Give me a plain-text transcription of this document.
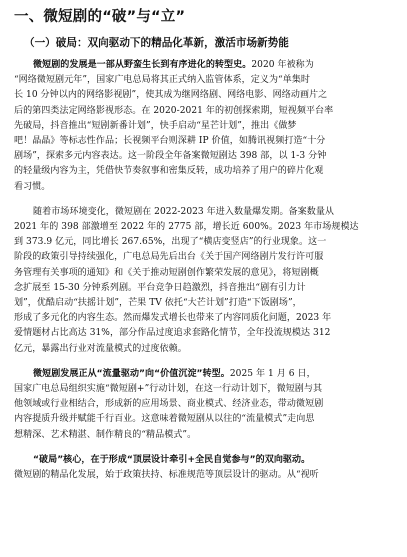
一、微短剧的“破”与“立”
（一）破局：双向驱动下的精品化革新，激活市场新势能
微短剧的发展是一部从野蛮生长到有序进化的转型史。2020 年被称为
“网络微短剧元年”，国家广电总局将其正式纳入监管体系，定义为“单集时
长 10 分钟以内的网络影视剧”，使其成为继网络剧、网络电影、网络动画片之
后的第四类法定网络影视形态。在 2020-2021 年的初创探索期，短视频平台率
先破局，抖音推出“短剧新番计划”，快手启动“星芒计划”，推出《做梦
吧！晶晶》等标志性作品；长视频平台则深耕 IP 价值，如腾讯视频打造“十分
剧场”，探索多元内容表达。这一阶段全年备案微短剧达 398 部，以 1-3 分钟
的轻量级内容为主，凭借快节奏叙事和密集反转，成功培养了用户的碎片化观
看习惯。
随着市场环境变化，微短剧在 2022-2023 年进入数量爆发期。备案数量从
2021 年的 398 部激增至 2022 年的 2775 部，增长近 600%。2023 年市场规模达
到 373.9 亿元，同比增长 267.65%，出现了“横店变竖店”的行业现象。这一
阶段的政策引导持续强化，广电总局先后出台《关于国产网络剧片发行许可服
务管理有关事项的通知》和《关于推动短剧创作繁荣发展的意见》，将短剧概
念扩展至 15-30 分钟系列剧。平台竞争日趋激烈，抖音推出“剧有引力计
划”，优酷启动“扶摇计划”，芒果 TV 依托“大芒计划”打造“下饭剧场”，
形成了多元化的内容生态。然而爆发式增长也带来了内容同质化问题，2023 年
爱情题材占比高达 31%，部分作品过度追求套路化情节，全年投流规模达 312
亿元，暴露出行业对流量模式的过度依赖。
微短剧发展正从“流量驱动”向“价值沉淀”转型。2025 年 1 月 6 日，
国家广电总局组织实施“微短剧+”行动计划，在这一行动计划下，微短剧与其
他领域或行业相结合，形成新的应用场景、商业模式、经济业态，带动微短剧
内容提质升级并赋能千行百业。这意味着微短剧从以往的“流量模式”走向思
想精深、艺术精湛、制作精良的“精品模式”。
“破局”核心，在于形成“顶层设计牵引+全民自觉参与”的双向驱动。
微短剧的精品化发展，始于政策扶持、标准规范等顶层设计的驱动。从“视听
